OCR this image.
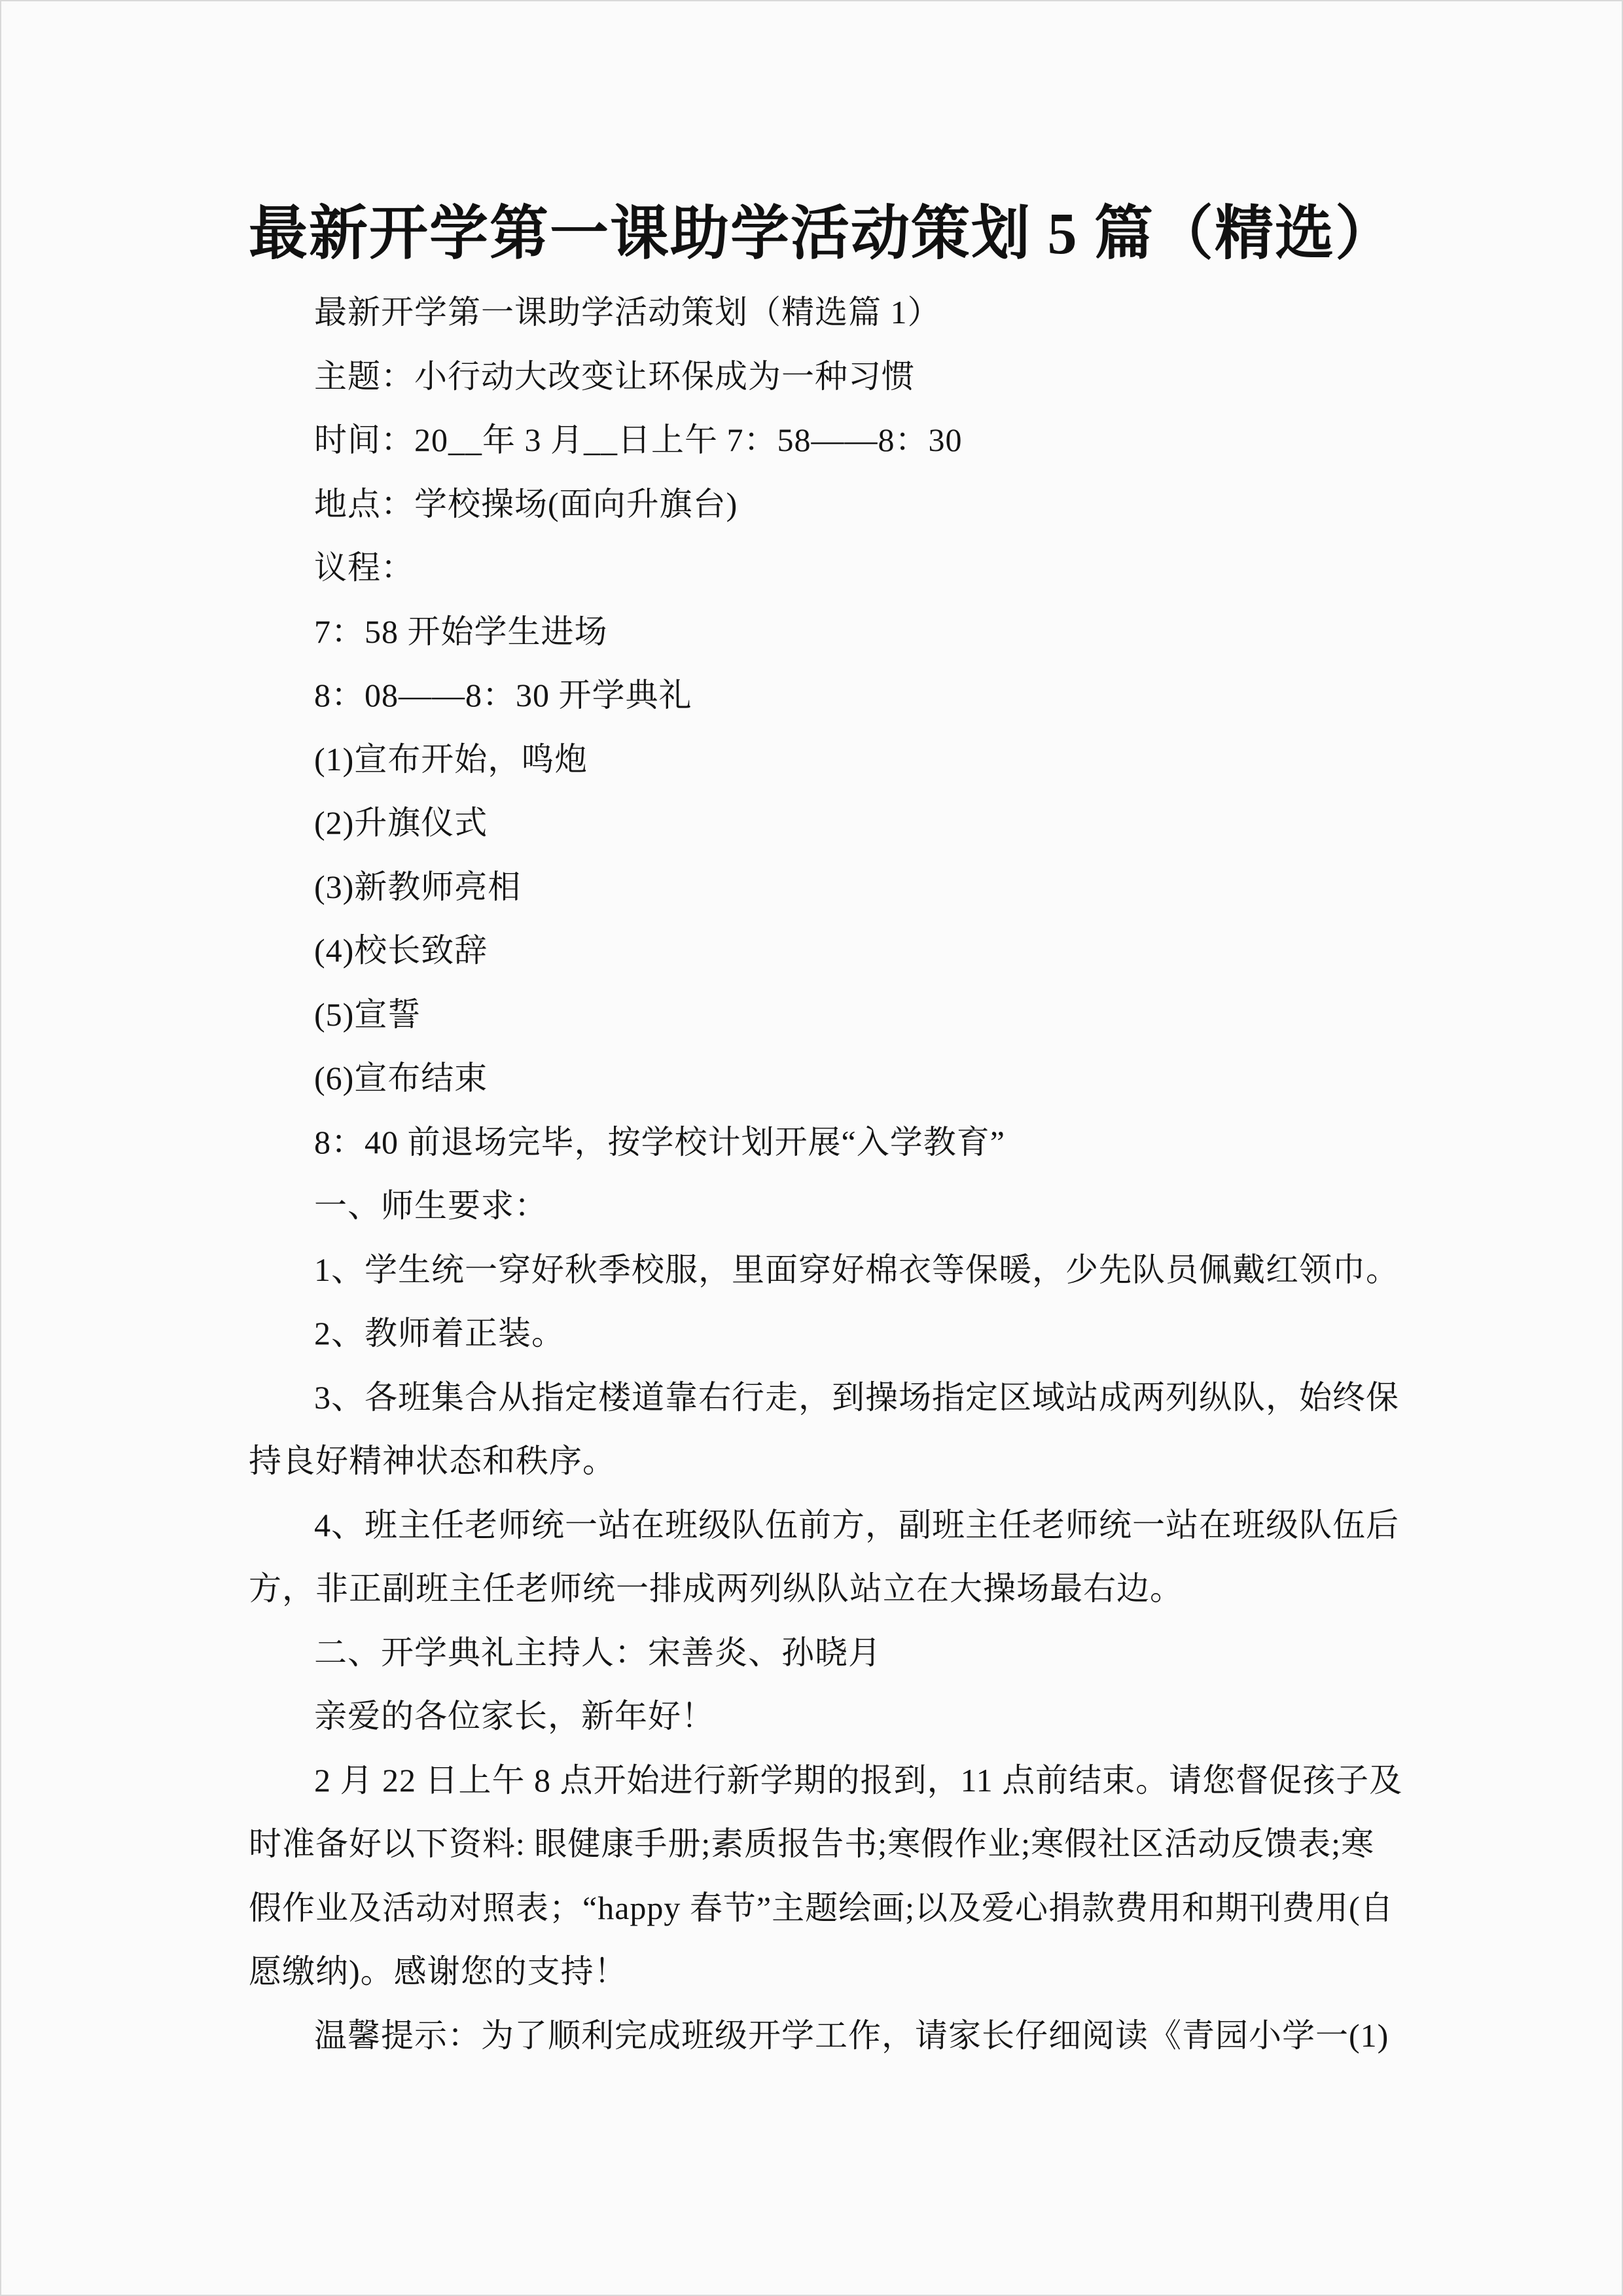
最新开学第一课助学活动策划 5 篇（精选）
最新开学第一课助学活动策划（精选篇 1）
主题：小行动大改变让环保成为一种习惯
时间：20__年 3 月__日上午 7：58——8：30
地点：学校操场(面向升旗台)
议程：
7：58 开始学生进场
8：08——8：30 开学典礼
(1)宣布开始，鸣炮
(2)升旗仪式
(3)新教师亮相
(4)校长致辞
(5)宣誓
(6)宣布结束
8：40 前退场完毕，按学校计划开展“入学教育”
一、师生要求：
1、学生统一穿好秋季校服，里面穿好棉衣等保暖，少先队员佩戴红领巾。
2、教师着正装。
3、各班集合从指定楼道靠右行走，到操场指定区域站成两列纵队，始终保
持良好精神状态和秩序。
4、班主任老师统一站在班级队伍前方，副班主任老师统一站在班级队伍后
方，非正副班主任老师统一排成两列纵队站立在大操场最右边。
二、开学典礼主持人：宋善炎、孙晓月
亲爱的各位家长，新年好！
2 月 22 日上午 8 点开始进行新学期的报到，11 点前结束。请您督促孩子及
时准备好以下资料: 眼健康手册;素质报告书;寒假作业;寒假社区活动反馈表;寒
假作业及活动对照表；“happy 春节”主题绘画;以及爱心捐款费用和期刊费用(自
愿缴纳)。感谢您的支持！
温馨提示：为了顺利完成班级开学工作，请家长仔细阅读《青园小学一(1)
